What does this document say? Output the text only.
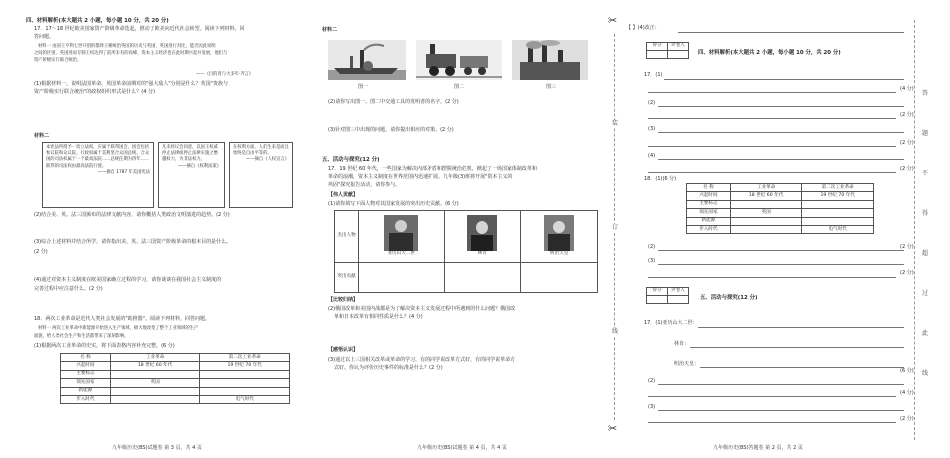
四、材料解析(本大题共 2 小题，每小题 10 分，共 20 分)
17．17～18 世纪欧美国家资产阶级革命迭起，推动了欧美向近代社会转型。阅读下列材料，回
答问题。
材料一 由国王亨利七世开创的都铎王朝统治英国的历史与英国、英国进行对比，能否因此说明
之间的区别，英国进而专制王权达到了前所未有的高峰，资本主义经济也在此时期兴起并发展，他们与
资产阶级实行联合统治。
——《目的育与大多年·齐言》
(1)根据材料一，说明法国革命、英国革命前期对的"强大敌人"分别是什么？英国"贵族与
资产阶级实行联合统治"的政权组织形式是什么？(4 分)
材料二
本宪法所授予一切立法权，应属于联邦国会，国会包括参议院和众议院。行政权属于美利坚合众国总统。合众国的司法权属于一个最高法院……总统任期为四年……联邦的司法权由最高法院行使。
——摘自 1787 年美国宪法
凡未经议会同意，以国王权威停止法律或停止法律实施之僭越权力，为非法权力。
——摘自《权利法案》
在权利方面，人们生来是而且始终是自由平等的。
——摘自《人权宣言》
(2)结合美、英、法三国颁布的法律文献内容，请你概括人类政治文明演进的趋势。(2 分)
(3)综合上述材料并结合所学，请你指出美、英、法三国资产阶级革命的根本目的是什么。
(2 分)
(4)通过对资本主义制度在欧美国家确立过程的学习，请你谈谈在我国社会主义制度的
完善过程中应注意什么。(2 分)
18．两次工业革命是近代人类社会发展的"助推器"。阅读下列材料，回答问题。
材料一 两次工业革命中新能源开始进入生产领域，极大地改变了整个工业领域的生产
面貌，给人类社会生产和生活都带来了深刻影响。
(1)根据两次工业革命的史实，将下面表格内容补充完整。(6 分)
名 称	工业革命	第二次工业革命
兴起时间	18 世纪 60 年代	19 世纪 70 年代
主要标志		
领先国家	英国	
新能源		
步入时代		电气时代
九年级历史(BS)试题卷 第 3 页，共 4 页
材料二
图一	图二	图三
(2)请你写出图一、图二中交通工具的发明者的名字。(2 分)
(3)针对图三中出现的问题，请你提出相应的对策。(2 分)
五、活动与探究(12 分)
17．19 世纪 60 年代，一些国家为解决内部矛盾和摆脱统治危机，掀起了一场国家体制改革和
革命的浪潮，资本主义制度在世界范围内迅速扩展。九年级(3)班将开展"资本主义的
巩固"探究报告活动，请你参与。
【伟人贡献】
(1)请你填写下面人物对其国家发展的突出历史贡献。(6 分)
杰出人物	亚历山大二世	林肯	明治天皇

突出贡献			
【比较归纳】
(2)俄国改革和美国内战都是为了解决资本主义发展过程中所遇到的什么问题？俄国改
革和日本改革有相同性质是什么？(4 分)
【感悟认识】
(3)通过以上三国相关改革或革命的学习，有的同学说改革方式好，有的同学说革命方
式好。你认为评价历史事件的标准是什么？(2 分)
九年级历史(BS)试题卷 第 4 页，共 4 页
✂
✂
装
订
线
【 】(4)改正：
得分	评卷人

四、材料解析(本大题共 2 小题，每小题 10 分，共 20 分)
17．(1)
(4 分)
(2)
(2 分)
(3)
(2 分)
(4)
(2 分)
18．(1)(6 分)
名 称	工业革命	第二次工业革命
兴起时间	18 世纪 60 年代	19 世纪 70 年代
主要标志		
领先国家	英国	
新能源		
步入时代		电气时代
(2)	(2 分)
(3)
(2 分)
得分	评卷人

五、活动与探究(12 分)
17．(1)亚历山大二世：
林肯：
明治天皇：
(6 分)
(2)
(4 分)
(3)
(2 分)
答
题
不
得
超
过
此
线
九年级历史(BS)答题卷 第 2 页，共 2 页
